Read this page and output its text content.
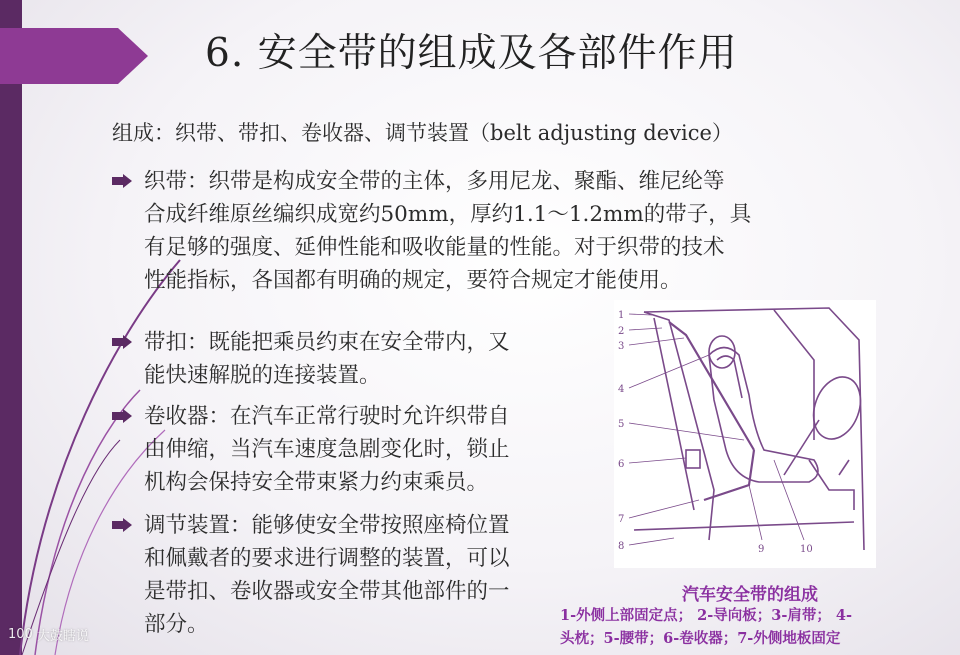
6. 安全带的组成及各部件作用
组成：织带、带扣、卷收器、调节装置（belt adjusting device）
织带：织带是构成安全带的主体，多用尼龙、聚酯、维尼纶等
合成纤维原丝编织成宽约50mm，厚约1.1～1.2mm的带子，具
有足够的强度、延伸性能和吸收能量的性能。对于织带的技术
性能指标，各国都有明确的规定，要符合规定才能使用。
带扣：既能把乘员约束在安全带内，又
能快速解脱的连接装置。
卷收器：在汽车正常行驶时允许织带自
由伸缩，当汽车速度急剧变化时，锁止
机构会保持安全带束紧力约束乘员。
调节装置：能够使安全带按照座椅位置
和佩戴者的要求进行调整的装置，可以
是带扣、卷收器或安全带其他部件的一
部分。
1
2
3
4
5
6
7
8	9	10
汽车安全带的组成
1-外侧上部固定点； 2-导向板；3-肩带； 4-
头枕；5-腰带；6-卷收器；7-外侧地板固定
100 大鼓瞎说
